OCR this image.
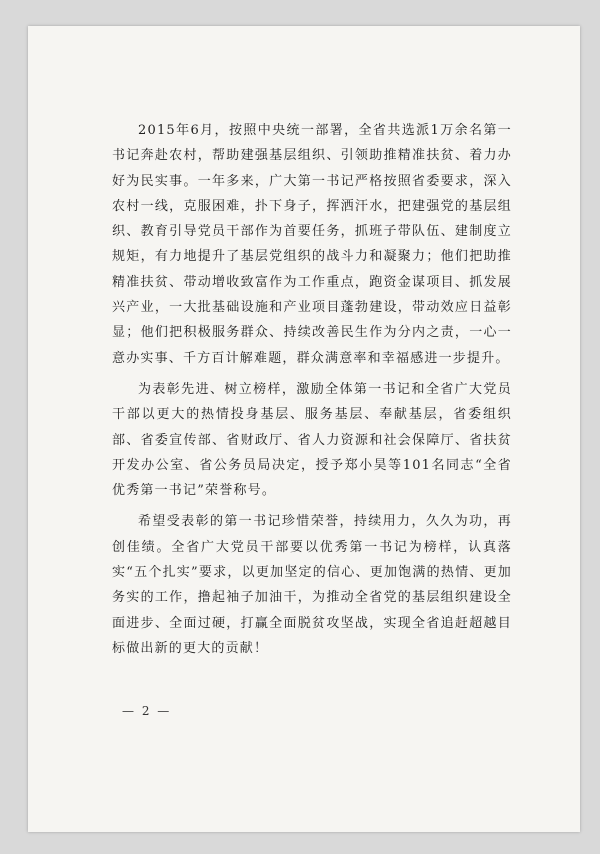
2015年6月，按照中央统一部署，全省共选派1万余名第一书记奔赴农村，帮助建强基层组织、引领助推精准扶贫、着力办好为民实事。一年多来，广大第一书记严格按照省委要求，深入农村一线，克服困难，扑下身子，挥洒汗水，把建强党的基层组织、教育引导党员干部作为首要任务，抓班子带队伍、建制度立规矩，有力地提升了基层党组织的战斗力和凝聚力；他们把助推精准扶贫、带动增收致富作为工作重点，跑资金谋项目、抓发展兴产业，一大批基础设施和产业项目蓬勃建设，带动效应日益彰显；他们把积极服务群众、持续改善民生作为分内之责，一心一意办实事、千方百计解难题，群众满意率和幸福感进一步提升。

为表彰先进、树立榜样，激励全体第一书记和全省广大党员干部以更大的热情投身基层、服务基层、奉献基层，省委组织部、省委宣传部、省财政厅、省人力资源和社会保障厅、省扶贫开发办公室、省公务员局决定，授予郑小昊等101名同志“全省优秀第一书记”荣誉称号。

希望受表彰的第一书记珍惜荣誉，持续用力，久久为功，再创佳绩。全省广大党员干部要以优秀第一书记为榜样，认真落实“五个扎实”要求，以更加坚定的信心、更加饱满的热情、更加务实的工作，撸起袖子加油干，为推动全省党的基层组织建设全面进步、全面过硬，打赢全面脱贫攻坚战，实现全省追赶超越目标做出新的更大的贡献！

— 2 —
